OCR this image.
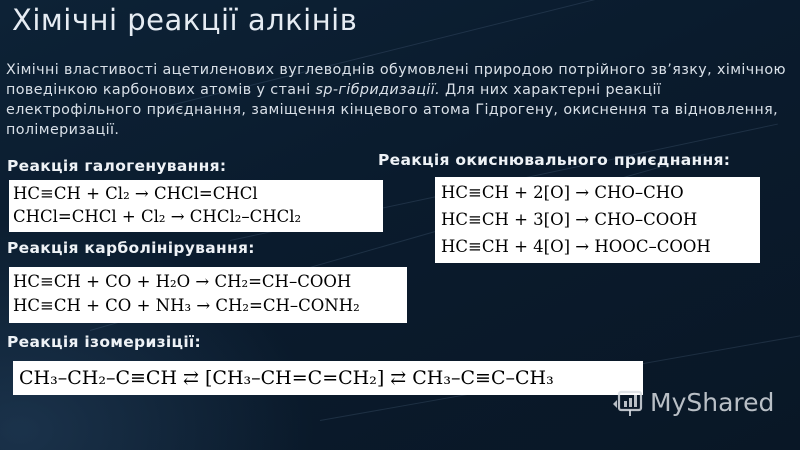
Хімічні реакції алкінів
Хімічні властивості ацетиленових вуглеводнів обумовлені природою потрійного зв’язку, хімічною поведінкою карбонових атомів у стані sp-гібридизації. Для них характерні реакції електрофільного приєднання, заміщення кінцевого атома Гідрогену, окиснення та відновлення, полімеризації.
Реакція галогенування:
HC≡CH + Cl₂ → CHCl=CHCl
CHCl=CHCl + Cl₂ → CHCl₂–CHCl₂
Реакція карболінірування:
HC≡CH + CO + H₂O → CH₂=CH–COOH
HC≡CH + CO + NH₃ → CH₂=CH–CONH₂
Реакція ізомеризіції:
CH₃–CH₂–C≡CH ⇄ [CH₃–CH=C=CH₂] ⇄ CH₃–C≡C–CH₃
Реакція окиснювального приєднання:
HC≡CH + 2[O] → CHO–CHO
HC≡CH + 3[O] → CHO–COOH
HC≡CH + 4[O] → HOOC–COOH
MyShared
